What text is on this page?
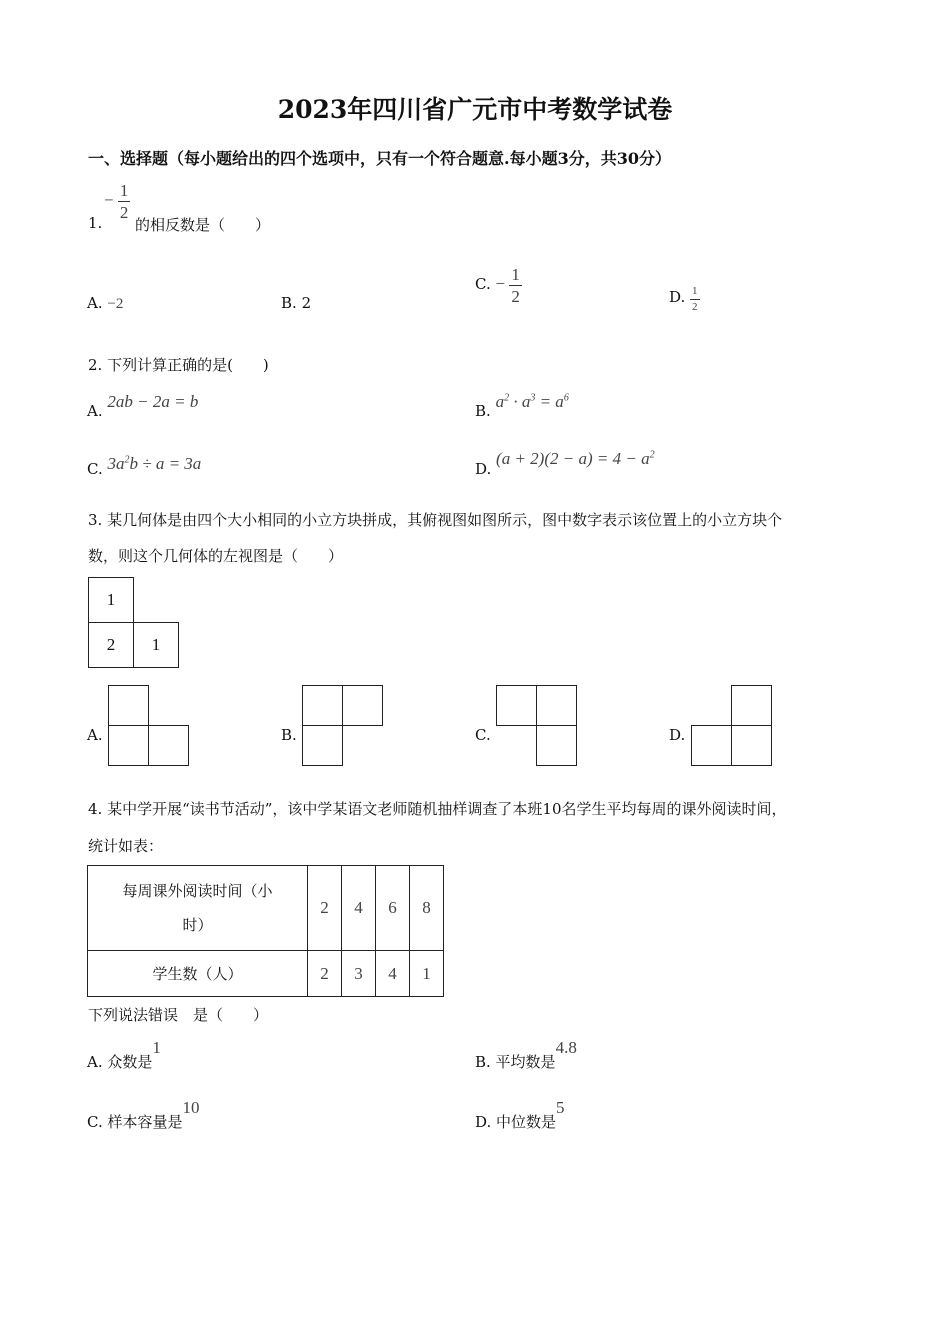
2023年四川省广元市中考数学试卷
一、选择题（每小题给出的四个选项中，只有一个符合题意.每小题3分，共30分）
1.
− $\frac{1}{2}$
的相反数是（　　）
A. −2	B. 2
C. − $\frac{1}{2}$	D. $\frac{1}{2}$
2. 下列计算正确的是(　　)
A. 2ab − 2a = b	B. $a^2 \cdot a^3 = a^6$
C. $3a^2b \div a = 3a$	D. $(a + 2)(2 - a) = 4 - a^2$
3. 某几何体是由四个大小相同的小立方块拼成，其俯视图如图所示，图中数字表示该位置上的小立方块个
数，则这个几何体的左视图是（　　）
1
2	1
A.	B.	C.	D.
4. 某中学开展“读书节活动”，该中学某语文老师随机抽样调查了本班10名学生平均每周的课外阅读时间，
统计如表：
每周课外阅读时间（小
时）	2	4	6	8
学生数（人）	2	3	4	1
下列说法错误　是（　　）
A. 众数是1
B. 平均数是4.8
C. 样本容量是10
D. 中位数是5
